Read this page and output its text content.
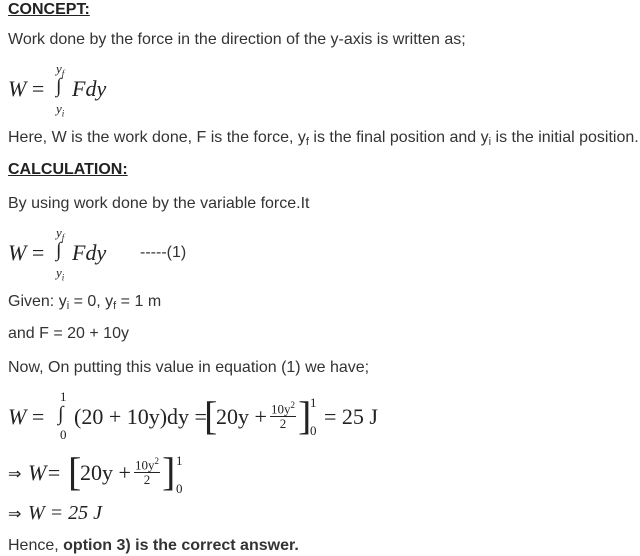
CONCEPT:
Work done by the force in the direction of the y-axis is written as;
$y_f$
W = ∫ Fdy
$y_i$
Here, W is the work done, F is the force, $y_f$ is the final position and $y_i$ is the initial position.
CALCULATION:
By using work done by the variable force.It
$y_f$
W = ∫ Fdy -----(1)
$y_i$
Given: $y_i = 0$, $y_f = 1$ m
and F = 20 + 10y
Now, On putting this value in equation (1) we have;
1
W = ∫ (20 + 10y)dy =
0	[
$20y + \frac{10y^2}{2}$ ]
1
0
= 25 J
⇒ W= [
$20y + \frac{10y^2}{2}$ ] 1
0
⇒ W = 25 J
Hence, option 3) is the correct answer.
